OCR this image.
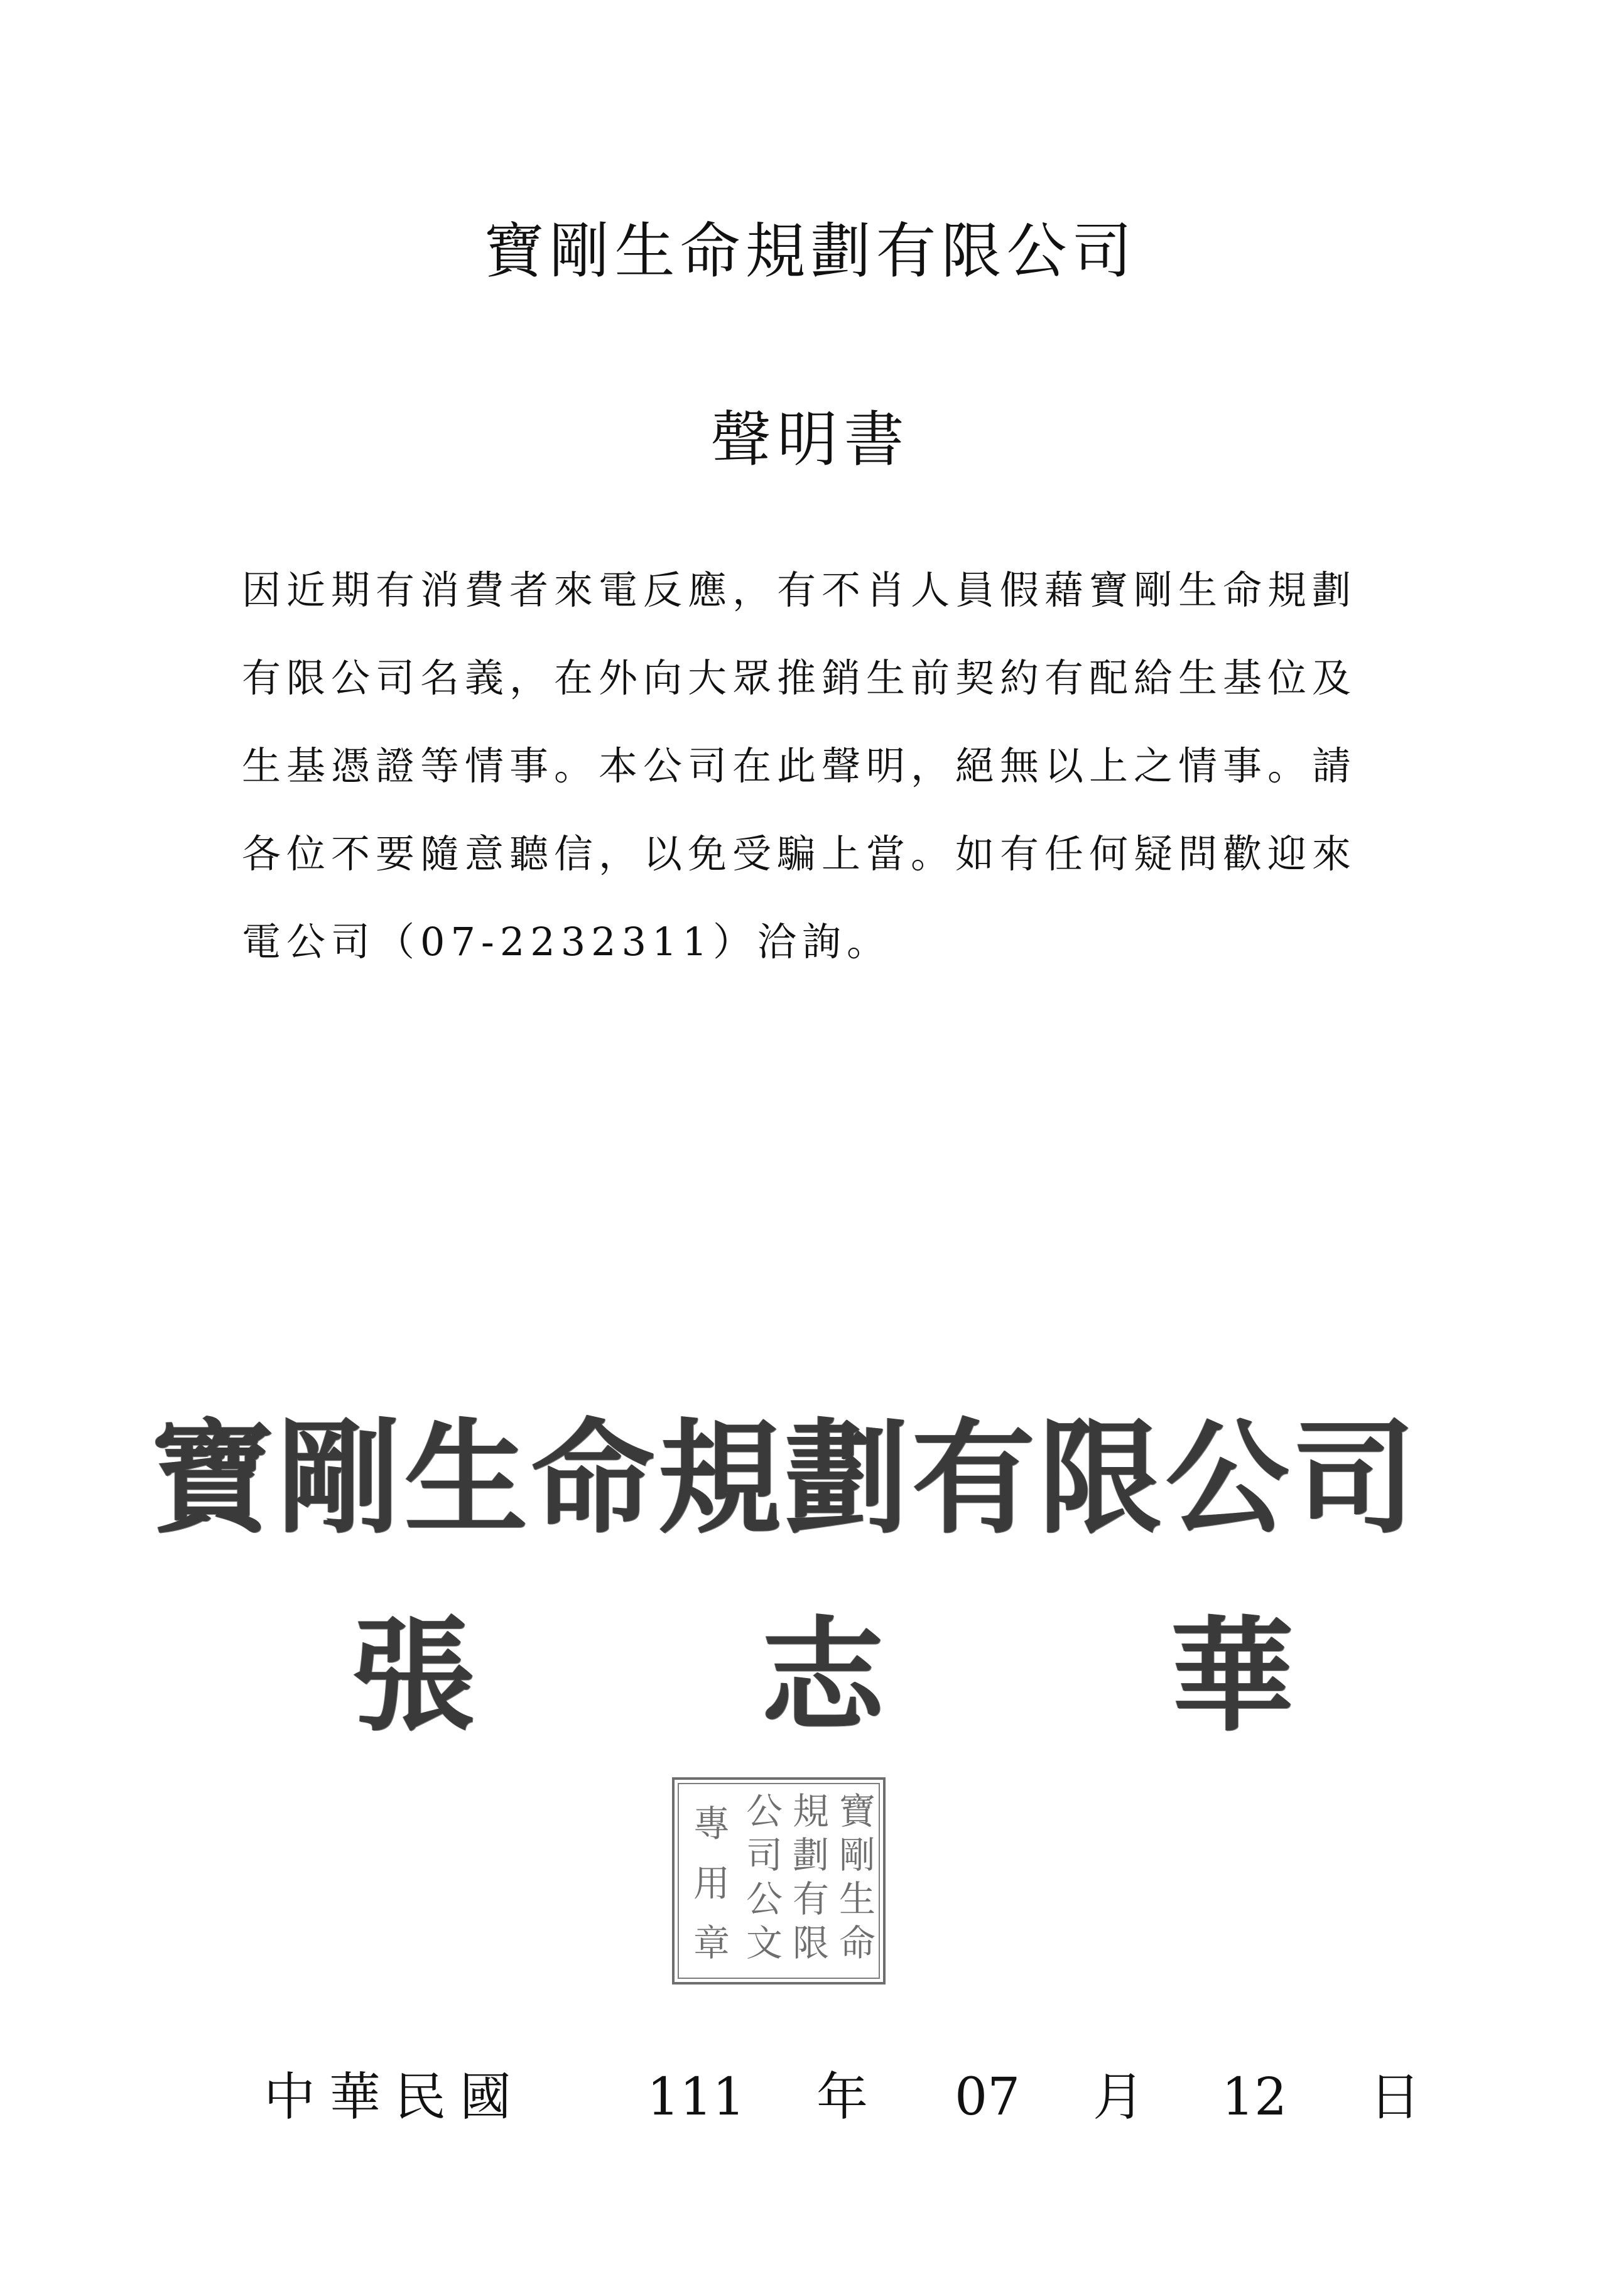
寶剛生命規劃有限公司
聲明書
因近期有消費者來電反應，有不肖人員假藉寶剛生命規劃
有限公司名義，在外向大眾推銷生前契約有配給生基位及
生基憑證等情事。本公司在此聲明，絕無以上之情事。請
各位不要隨意聽信，以免受騙上當。如有任何疑問歡迎來
電公司（07-2232311）洽詢。
寶剛生命規劃有限公司
張 志 華
寶
剛
生
命
規
劃
有
限
公
司
公
文
專
用
章
中華民國 111 年 07 月 12 日
